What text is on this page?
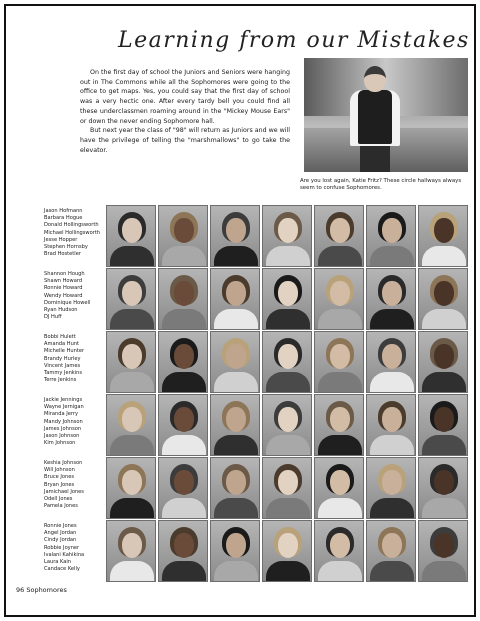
Learning from our Mistakes

On the first day of school the Juniors and Seniors were hanging out in The Commons while all the Sophomores were going to the office to get maps. Yes, you could say that the first day of school was a very hectic one. After every tardy bell you could find all these underclassmen roaming around in the "Mickey Mouse Ears" or down the never ending Sophomore hall.

But next year the class of "98" will return as Juniors and we will have the privilege of telling the "marshmallows" to go take the elevator.

Are you lost again, Katie Fritz? These circle hallways always seem to confuse Sophomores.
Jason Hofmann
Barbara Hogue
Donald Hollingsworth
Michael Hollingsworth
Jesse Hopper
Stephen Hornsby
Brad Hostetler
Shannon Hough
Shawn Howard
Ronnie Howard
Wendy Howard
Dominique Howell
Ryan Hudson
DJ Huff
Bobbi Hulett
Amanda Hunt
Michelle Hunter
Brandy Hurley
Vincent James
Tammy Jenkins
Terre Jenkins
Jackie Jennings
Wayne Jernigan
Miranda Jerry
Mandy Johnson
James Johnson
Jason Johnson
Kim Johnson
Keshia Johnson
Will Johnson
Bruce Jones
Bryan Jones
Jamichael Jones
Odell Jones
Pamela Jones
Ronnie Jones
Angel Jordan
Cindy Jordan
Robbie Joyner
Ivalani Kahikina
Laura Kain
Candace Kelly
96 Sophomores
